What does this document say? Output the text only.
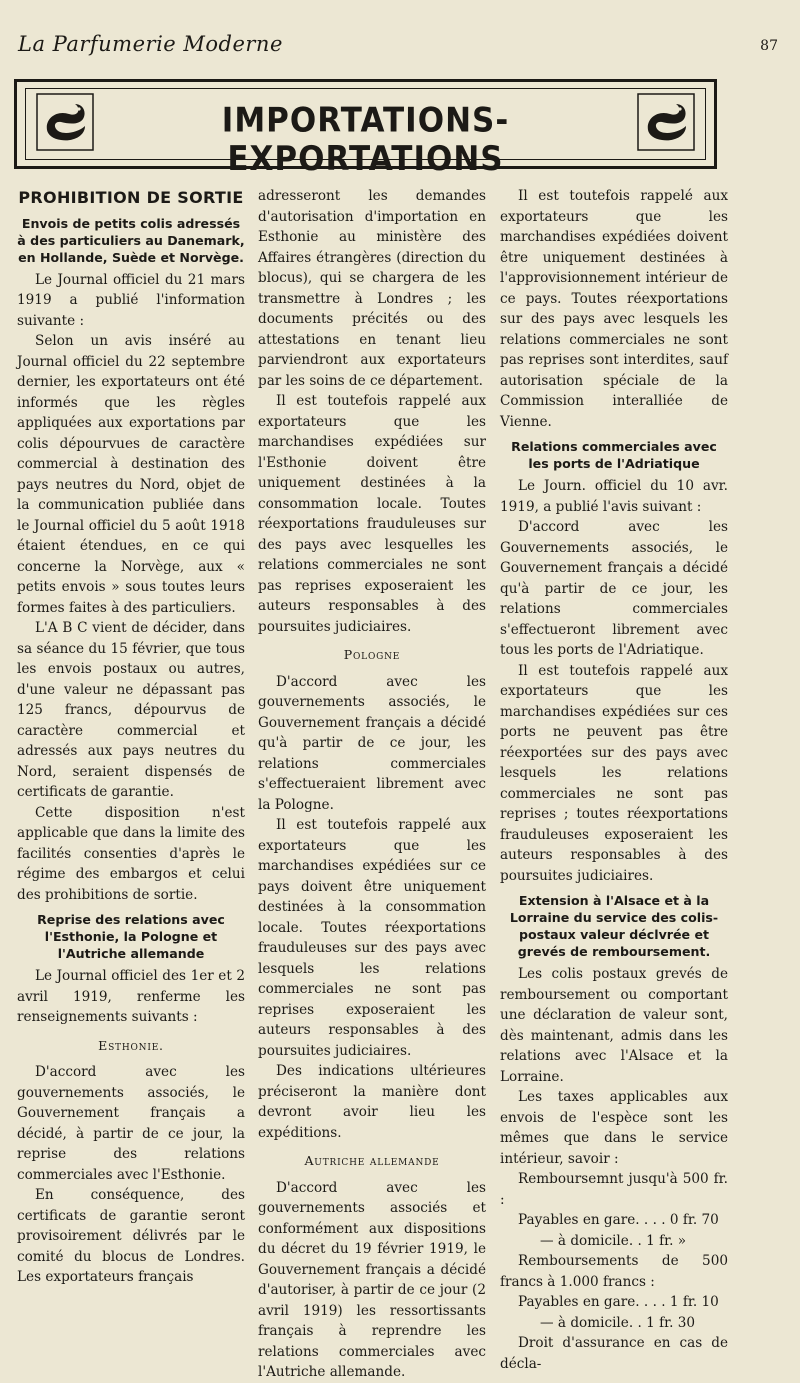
La Parfumerie Moderne	87
IMPORTATIONS-EXPORTATIONS
PROHIBITION DE SORTIE
Envois de petits colis adressés à des particuliers au Danemark, en Hollande, Suède et Norvège.

Le Journal officiel du 21 mars 1919 a publié l'information suivante :

Selon un avis inséré au Journal officiel du 22 septembre dernier, les exportateurs ont été informés que les règles appliquées aux exportations par colis dépourvues de caractère commercial à destination des pays neutres du Nord, objet de la communication publiée dans le Journal officiel du 5 août 1918 étaient étendues, en ce qui concerne la Norvège, aux « petits envois » sous toutes leurs formes faites à des particuliers.

L'A B C vient de décider, dans sa séance du 15 février, que tous les envois postaux ou autres, d'une valeur ne dépassant pas 125 francs, dépourvus de caractère commercial et adressés aux pays neutres du Nord, seraient dispensés de certificats de garantie.

Cette disposition n'est applicable que dans la limite des facilités consenties d'après le régime des embargos et celui des prohibitions de sortie.

Reprise des relations avec l'Esthonie, la Pologne et l'Autriche allemande

Le Journal officiel des 1er et 2 avril 1919, renferme les renseignements suivants :

Esthonie.

D'accord avec les gouvernements associés, le Gouvernement français a décidé, à partir de ce jour, la reprise des relations commerciales avec l'Esthonie.

En conséquence, des certificats de garantie seront provisoirement délivrés par le comité du blocus de Londres. Les exportateurs français

adresseront les demandes d'autorisation d'importation en Esthonie au ministère des Affaires étrangères (direction du blocus), qui se chargera de les transmettre à Londres ; les documents précités ou des attestations en tenant lieu parviendront aux exportateurs par les soins de ce département.

Il est toutefois rappelé aux exportateurs que les marchandises expédiées sur l'Esthonie doivent être uniquement destinées à la consommation locale. Toutes réexportations frauduleuses sur des pays avec lesquelles les relations commerciales ne sont pas reprises exposeraient les auteurs responsables à des poursuites judiciaires.

Pologne

D'accord avec les gouvernements associés, le Gouvernement français a décidé qu'à partir de ce jour, les relations commerciales s'effectueraient librement avec la Pologne.

Il est toutefois rappelé aux exportateurs que les marchandises expédiées sur ce pays doivent être uniquement destinées à la consommation locale. Toutes réexportations frauduleuses sur des pays avec lesquels les relations commerciales ne sont pas reprises exposeraient les auteurs responsables à des poursuites judiciaires.

Des indications ultérieures préciseront la manière dont devront avoir lieu les expéditions.

Autriche allemande

D'accord avec les gouvernements associés et conformément aux dispositions du décret du 19 février 1919, le Gouvernement français a décidé d'autoriser, à partir de ce jour (2 avril 1919) les ressortissants français à reprendre les relations commerciales avec l'Autriche allemande.

Il est toutefois rappelé aux exportateurs que les marchandises expédiées doivent être uniquement destinées à l'approvisionnement intérieur de ce pays. Toutes réexportations sur des pays avec lesquels les relations commerciales ne sont pas reprises sont interdites, sauf autorisation spéciale de la Commission interalliée de Vienne.

Relations commerciales avec les ports de l'Adriatique

Le Journ. officiel du 10 avr. 1919, a publié l'avis suivant :

D'accord avec les Gouvernements associés, le Gouvernement français a décidé qu'à partir de ce jour, les relations commerciales s'effectueront librement avec tous les ports de l'Adriatique.

Il est toutefois rappelé aux exportateurs que les marchandises expédiées sur ces ports ne peuvent pas être réexportées sur des pays avec lesquels les relations commerciales ne sont pas reprises ; toutes réexportations frauduleuses exposeraient les auteurs responsables à des poursuites judiciaires.

Extension à l'Alsace et à la Lorraine du service des colis-postaux valeur déclvrée et grevés de remboursement.

Les colis postaux grevés de remboursement ou comportant une déclaration de valeur sont, dès maintenant, admis dans les relations avec l'Alsace et la Lorraine.

Les taxes applicables aux envois de l'espèce sont les mêmes que dans le service intérieur, savoir :

Remboursemnt jusqu'à 500 fr. :

Payables en gare. . . . 0 fr. 70

— à domicile. . 1 fr. »

Remboursements de 500 francs à 1.000 francs :

Payables en gare. . . . 1 fr. 10

— à domicile. . 1 fr. 30

Droit d'assurance en cas de décla-
